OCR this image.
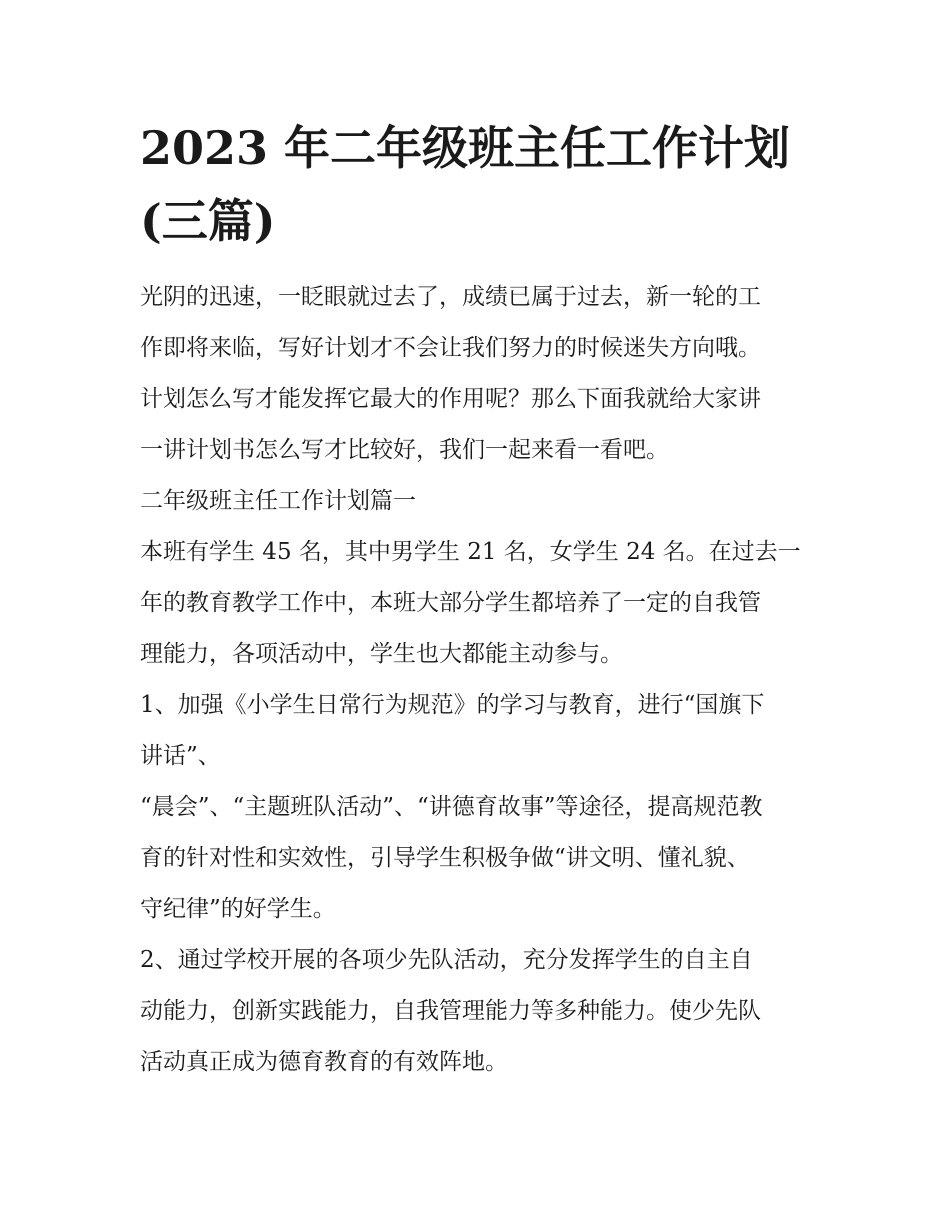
2023 年二年级班主任工作计划
(三篇)

光阴的迅速，一眨眼就过去了，成绩已属于过去，新一轮的工

作即将来临，写好计划才不会让我们努力的时候迷失方向哦。

计划怎么写才能发挥它最大的作用呢？那么下面我就给大家讲

一讲计划书怎么写才比较好，我们一起来看一看吧。

二年级班主任工作计划篇一

本班有学生 45 名，其中男学生 21 名，女学生 24 名。在过去一

年的教育教学工作中，本班大部分学生都培养了一定的自我管

理能力，各项活动中，学生也大都能主动参与。

1、加强《小学生日常行为规范》的学习与教育，进行“国旗下

讲话”、

“晨会”、“主题班队活动”、“讲德育故事”等途径，提高规范教

育的针对性和实效性，引导学生积极争做“讲文明、懂礼貌、

守纪律”的好学生。

2、通过学校开展的各项少先队活动，充分发挥学生的自主自

动能力，创新实践能力，自我管理能力等多种能力。使少先队

活动真正成为德育教育的有效阵地。
